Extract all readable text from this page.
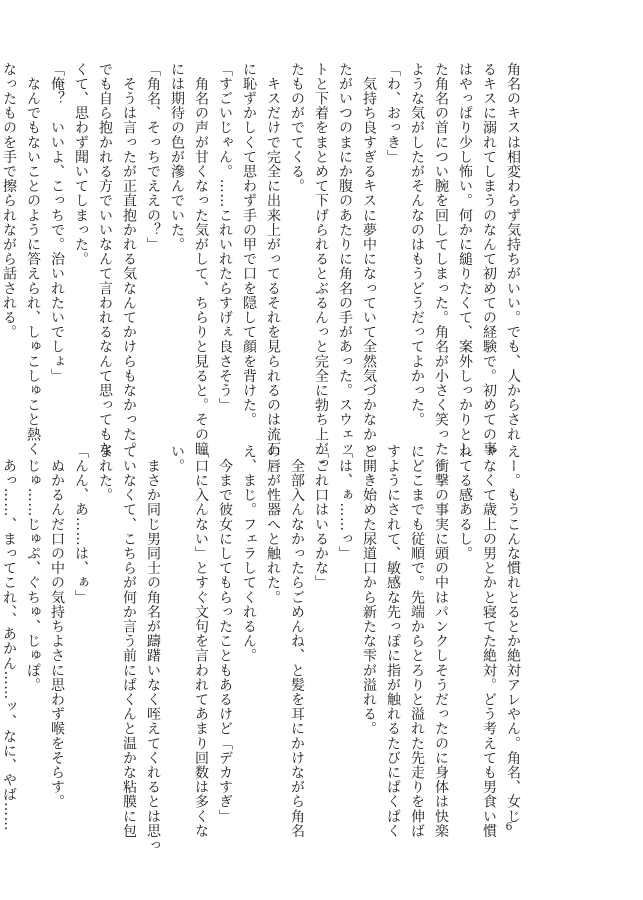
角名のキスは相変わらず気持ちがいい。でも、人からされ
るキスに溺れてしまうのなんて初めての経験で。初めての事
はやっぱり少し怖い。何かに縋りたくて、案外しっかりとし
た角名の首につい腕を回してしまった。角名が小さく笑った
ような気がしたがそんなのはもうどうだってよかった。
「わ、おっき」
　気持ち良すぎるキスに夢中になっていて全然気づかなかっ
たがいつのまにか腹のあたりに角名の手があった。スウェッ
トと下着をまとめて下げられるとぶるんっと完全に勃ち上がっ
たものがでてくる。
　キスだけで完全に出来上がってるそれを見られるのは流石
に恥ずかしくて思わず手の甲で口を隠して顔を背けた。
「すごいじゃん。……これいれたらすげぇ良さそう」
　角名の声が甘くなった気がして、ちらりと見ると。その瞳
には期待の色が滲んでいた。
「角名、そっちでええの？」
　そうは言ったが正直抱かれる気なんてかけらもなかった。
でも自ら抱かれる方でいいなんて言われるなんて思ってもな
くて、思わず聞いてしまった。
「俺？　いいよ、こっちで。治いれたいでしょ」
　なんでもないことのように答えられ、しゅこしゅこと熱く
なったものを手で擦られながら話される。
えー。もうこんな慣れとるとか絶対アレやん。角名、女じ
ゃなくて歳上の男とかと寝てた絶対。どう考えても男食い慣
れてる感あるし。
　衝撃の事実に頭の中はパンクしそうだったのに身体は快楽
にどこまでも従順で。先端からとろりと溢れた先走りを伸ば
すようにされて、敏感な先っぽに指が触れるたびにぱくぱく
と開き始めた尿道口から新たな雫が溢れる。
「は、ぁ……っ」
「これ口はいるかな」
　全部入んなかったらごめんね、と髪を耳にかけながら角名
の唇が性器へと触れた。
え、まじ。フェラしてくれるん。
　今まで彼女にしてもらったこともあるけど「デカすぎ」
「口に入んない」とすぐ文句を言われてあまり回数は多くな
い。
　まさか同じ男同士の角名が躊躇いなく咥えてくれるとは思っ
ていなくて、こちらが何か言う前にぱくんと温かな粘膜に包
まれた。
「んん、あ……は、ぁ」
　ぬかるんだ口の中の気持ちよさに思わず喉をそらす。
　じゅ……じゅぷ、ぐちゅ、じゅぽ。
　あっ……、まってこれ、、あかん……ッ、なに、やば……	6
